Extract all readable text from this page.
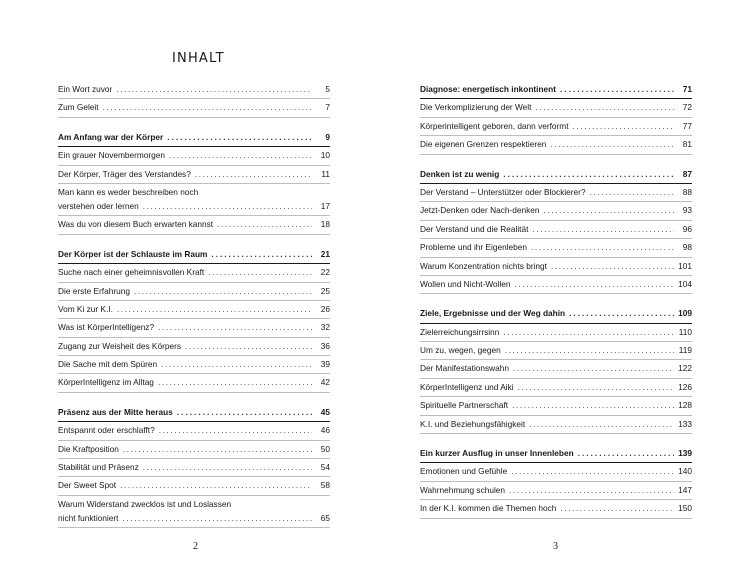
INHALT
Ein Wort zuvor .....	5
Zum Geleit .....	7
Am Anfang war der Körper .....	9
Ein grauer Novembermorgen .....	10
Der Körper, Träger des Verstandes? .....	11
Man kann es weder beschreiben noch
verstehen oder lernen .....	17
Was du von diesem Buch erwarten kannst .....	18
Der Körper ist der Schlauste im Raum .....	21
Suche nach einer geheimnisvollen Kraft .....	22
Die erste Erfahrung .....	25
Vom Ki zur K.I. .....	26
Was ist KörperIntelligenz? .....	32
Zugang zur Weisheit des Körpers .....	36
Die Sache mit dem Spüren .....	39
KörperIntelligenz im Alltag .....	42
Präsenz aus der Mitte heraus .....	45
Entspannt oder erschlafft? .....	46
Die Kraftposition .....	50
Stabilität und Präsenz .....	54
Der Sweet Spot .....	58
Warum Widerstand zwecklos ist und Loslassen
nicht funktioniert .....	65
2
Diagnose: energetisch inkontinent .....	71
Die Verkomplizierung der Welt .....	72
Körperintelligent geboren, dann verformt .....	77
Die eigenen Grenzen respektieren .....	81
Denken ist zu wenig .....	87
Der Verstand – Unterstützer oder Blockierer? .....	88
Jetzt-Denken oder Nach-denken .....	93
Der Verstand und die Realität .....	96
Probleme und ihr Eigenleben .....	98
Warum Konzentration nichts bringt .....	101
Wollen und Nicht-Wollen .....	104
Ziele, Ergebnisse und der Weg dahin .....	109
Zielerreichungsirrsinn .....	110
Um zu, wegen, gegen .....	119
Der Manifestationswahn .....	122
KörperIntelligenz und Aiki .....	126
Spirituelle Partnerschaft .....	128
K.I. und Beziehungsfähigkeit .....	133
Ein kurzer Ausflug in unser Innenleben .....	139
Emotionen und Gefühle .....	140
Wahrnehmung schulen .....	147
In der K.I. kommen die Themen hoch .....	150
3
